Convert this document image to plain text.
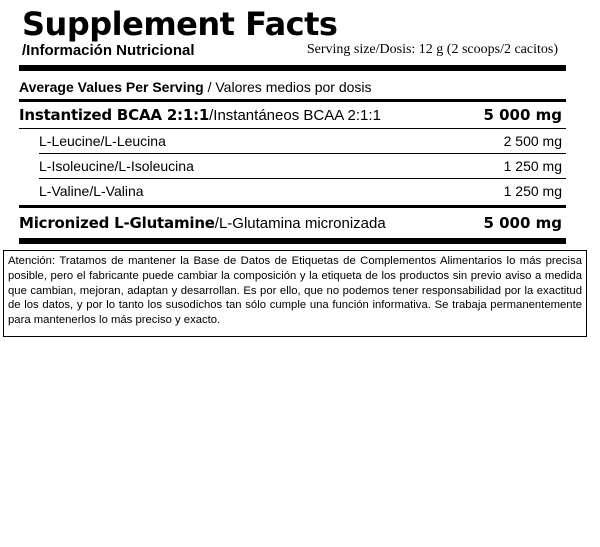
Supplement Facts
/Información Nutricional	Serving size/Dosis: 12 g (2 scoops/2 cacitos)
Average Values Per Serving / Valores medios por dosis
Instantized BCAA 2:1:1/Instantáneos BCAA 2:1:1	5 000 mg
L-Leucine/L-Leucina	2 500 mg
L-Isoleucine/L-Isoleucina	1 250 mg
L-Valine/L-Valina	1 250 mg
Micronized L-Glutamine/L-Glutamina micronizada	5 000 mg
Atención: Tratamos de mantener la Base de Datos de Etiquetas de Complementos Alimentarios lo más precisa posible, pero el fabricante puede cambiar la composición y la etiqueta de los productos sin previo aviso a medida que cambian, mejoran, adaptan y desarrollan. Es por ello, que no podemos tener responsabilidad por la exactitud de los datos, y por lo tanto los susodichos tan sólo cumple una función informativa. Se trabaja permanentemente para mantenerlos lo más preciso y exacto.
